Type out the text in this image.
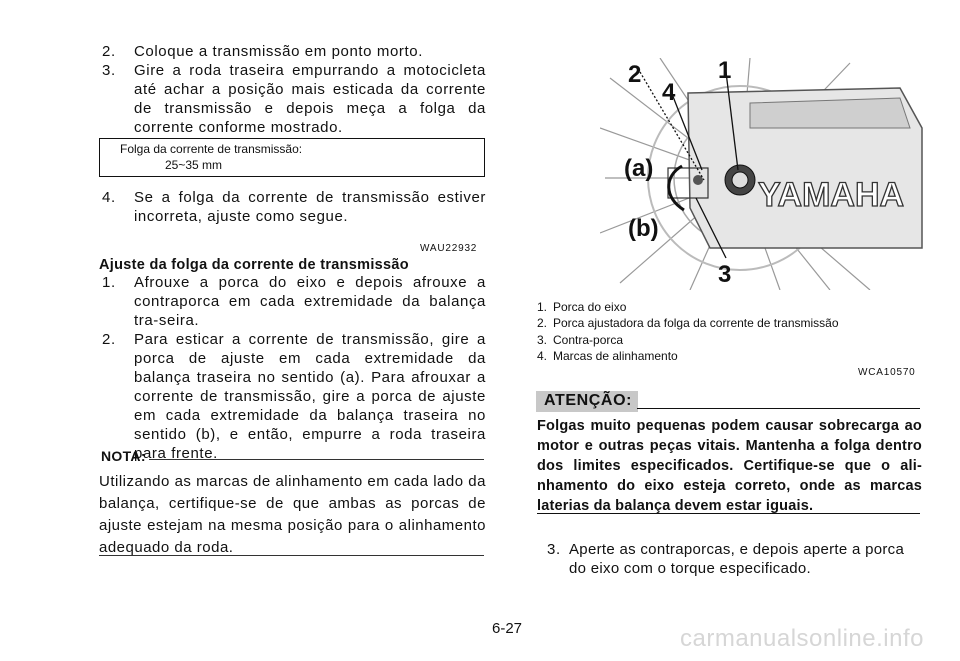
2.	Coloque a transmissão em ponto morto.
3.	Gire a roda traseira empurrando a motocicleta até achar a posição mais esticada da corrente de transmissão e depois meça a folga da corrente conforme mostrado.
Folga da corrente de transmissão:
25~35 mm
4.	Se a folga da corrente de transmissão estiver incorreta, ajuste como segue.
WAU22932
Ajuste da folga da corrente de transmissão
1.	Afrouxe a porca do eixo e depois afrouxe a contraporca em cada extremidade da balança tra-seira.
2.	Para esticar a corrente de transmissão, gire a porca de ajuste em cada extremidade da balança traseira no sentido (a). Para afrouxar a corrente de transmissão, gire a porca de ajuste em cada extremidade da balança traseira no sentido (b), e então, empurre a roda traseira para frente.
NOTA:
Utilizando as marcas de alinhamento em cada lado da balança, certifique-se de que ambas as porcas de ajuste estejam na mesma posição para o alinhamento adequado da roda.
YAMAHA
2	1
4
3
(a)
(b)
1. Porca do eixo
2. Porca ajustadora da folga da corrente de transmissão
3. Contra-porca
4. Marcas de alinhamento
WCA10570
ATENÇÃO:
Folgas muito pequenas podem causar sobrecarga ao motor e outras peças vitais. Mantenha a folga dentro dos limites especificados. Certifique-se que o ali-nhamento do eixo esteja correto, onde as marcas laterias da balança devem estar iguais.
3. Aperte as contraporcas, e depois aperte a porca do eixo com o torque especificado.
6-27	carmanualsonline.info
